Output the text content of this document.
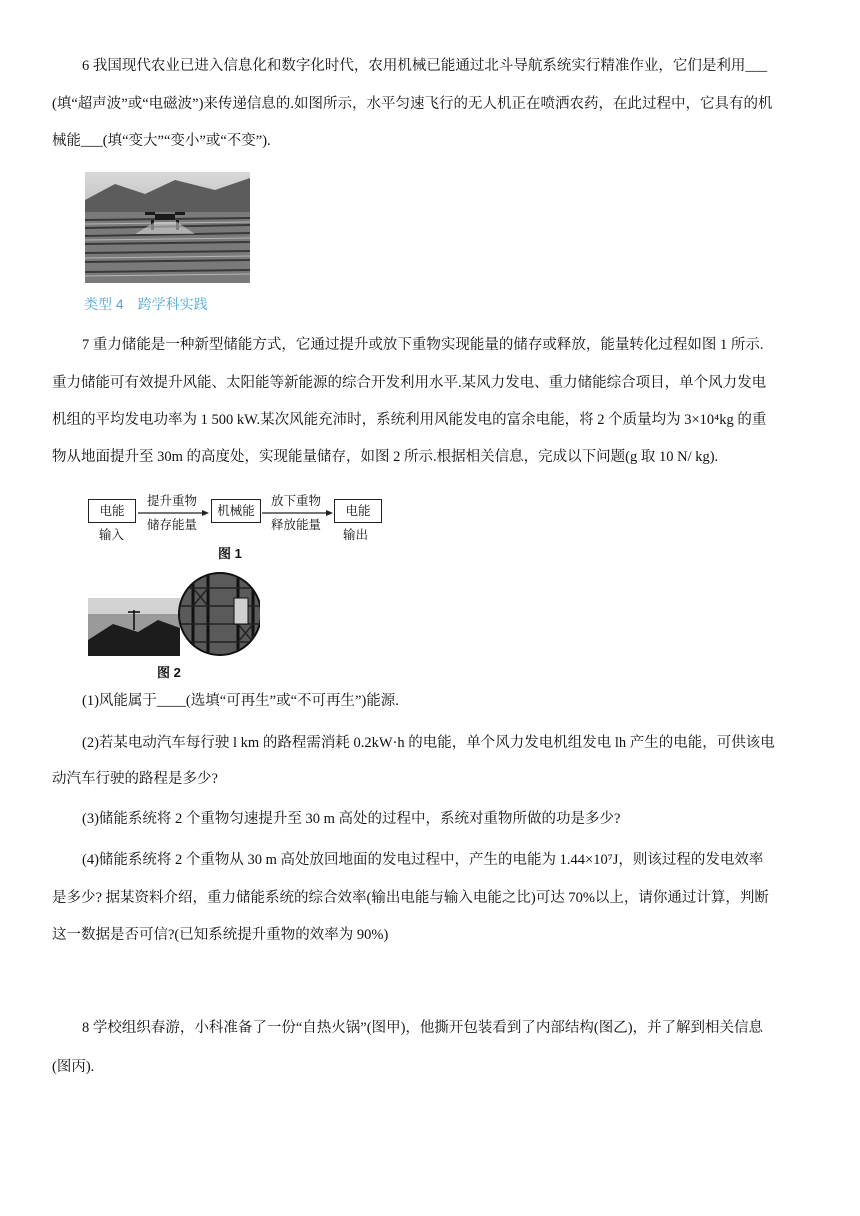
6 我国现代农业已进入信息化和数字化时代，农用机械已能通过北斗导航系统实行精准作业，它们是利用___
(填“超声波”或“电磁波”)来传递信息的.如图所示，水平匀速飞行的无人机正在喷洒农药，在此过程中，它具有的机
械能___(填“变大”“变小”或“不变”).
类型 4　跨学科实践
7 重力储能是一种新型储能方式，它通过提升或放下重物实现能量的储存或释放，能量转化过程如图 1 所示.
重力储能可有效提升风能、太阳能等新能源的综合开发利用水平.某风力发电、重力储能综合项目，单个风力发电
机组的平均发电功率为 1 500 kW.某次风能充沛时，系统利用风能发电的富余电能，将 2 个质量均为 3×10⁴kg 的重
物从地面提升至 30m 的高度处，实现能量储存，如图 2 所示.根据相关信息，完成以下问题(g 取 10 N/ kg).
电能
提升重物
储存能量
机械能
放下重物
释放能量
电能
输入	输出
图 1
图 2
(1)风能属于____(选填“可再生”或“不可再生”)能源.
(2)若某电动汽车每行驶 l km 的路程需消耗 0.2kW·h 的电能，单个风力发电机组发电 lh 产生的电能，可供该电
动汽车行驶的路程是多少?
(3)储能系统将 2 个重物匀速提升至 30 m 高处的过程中，系统对重物所做的功是多少?
(4)储能系统将 2 个重物从 30 m 高处放回地面的发电过程中，产生的电能为 1.44×10⁷J，则该过程的发电效率
是多少? 据某资料介绍，重力储能系统的综合效率(输出电能与输入电能之比)可达 70%以上，请你通过计算，判断
这一数据是否可信?(已知系统提升重物的效率为 90%)
8 学校组织春游，小科准备了一份“自热火锅”(图甲)，他撕开包装看到了内部结构(图乙)，并了解到相关信息
(图丙).
